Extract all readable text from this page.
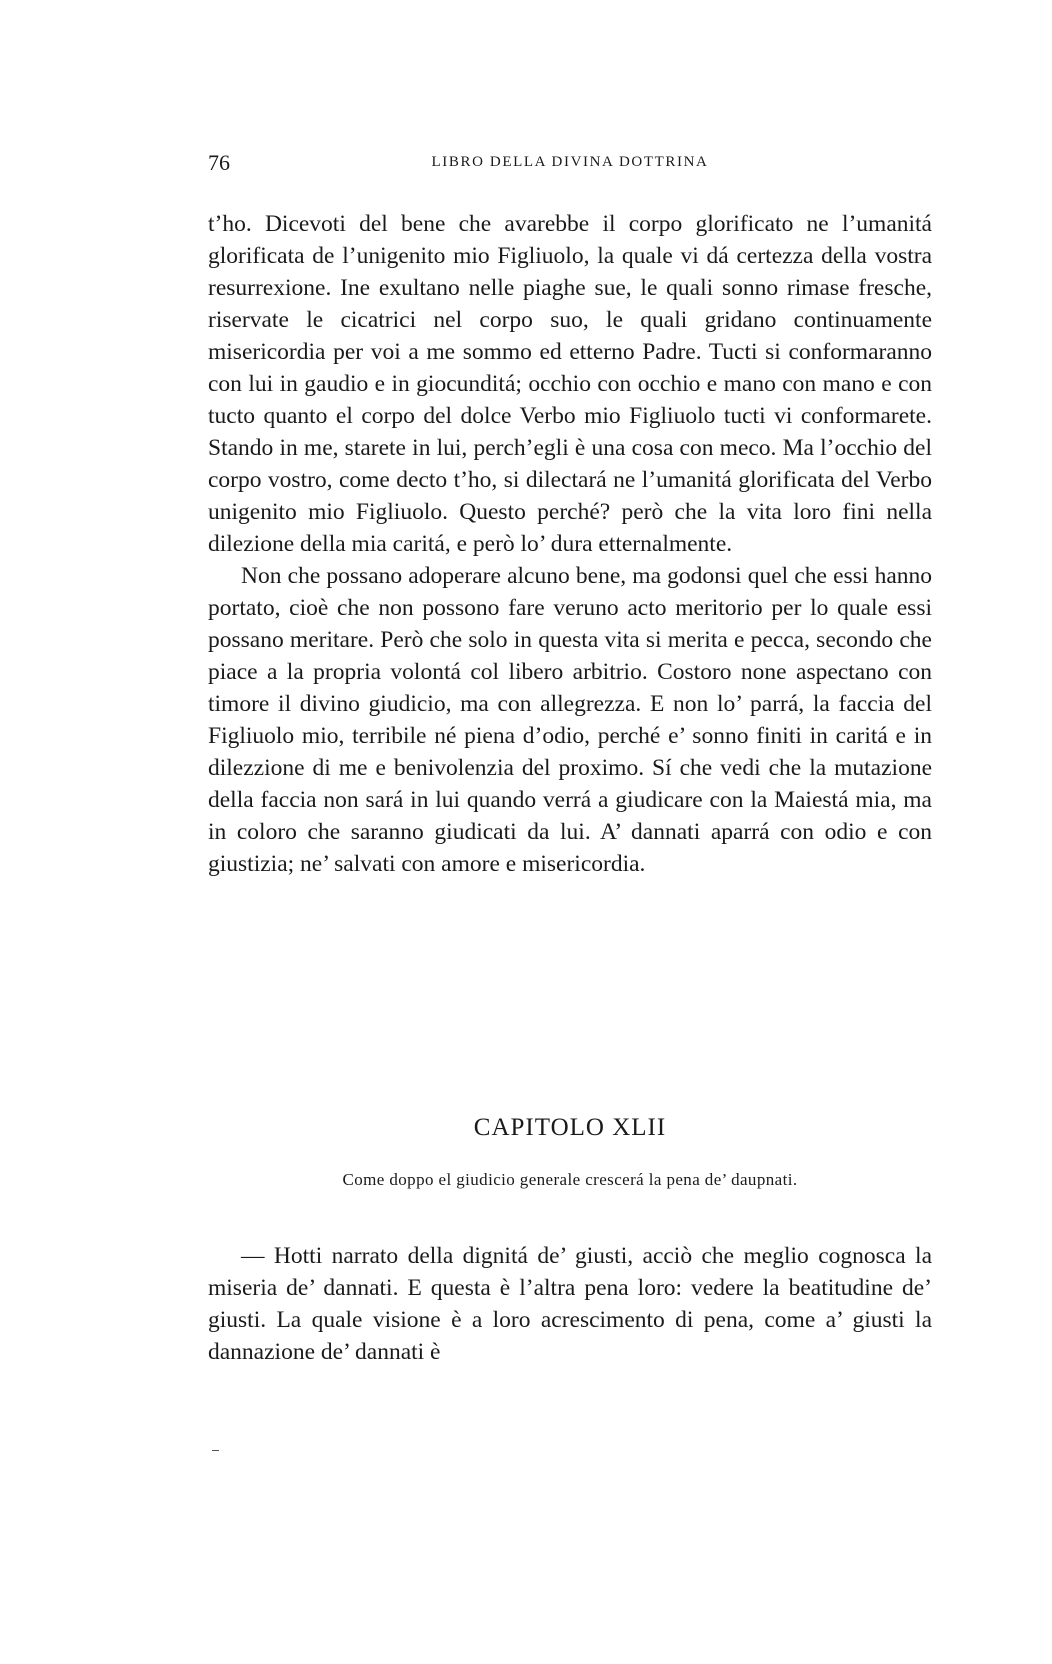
76	LIBRO DELLA DIVINA DOTTRINA

t’ho. Dicevoti del bene che avarebbe il corpo glorificato ne l’umanitá glorificata de l’unigenito mio Figliuolo, la quale vi dá certezza della vostra resurrexione. Ine exultano nelle piaghe sue, le quali sonno rimase fresche, riservate le cicatrici nel corpo suo, le quali gridano continuamente misericordia per voi a me sommo ed etterno Padre. Tucti si conformaranno con lui in gaudio e in giocunditá; occhio con occhio e mano con mano e con tucto quanto el corpo del dolce Verbo mio Figliuolo tucti vi conformarete. Stando in me, starete in lui, perch’egli è una cosa con meco. Ma l’occhio del corpo vostro, come decto t’ho, si dilectará ne l’umanitá glorificata del Verbo unigenito mio Figliuolo. Questo perché? però che la vita loro fini nella dilezione della mia caritá, e però lo’ dura etternalmente.

Non che possano adoperare alcuno bene, ma godonsi quel che essi hanno portato, cioè che non possono fare veruno acto meritorio per lo quale essi possano meritare. Però che solo in questa vita si merita e pecca, secondo che piace a la propria volontá col libero arbitrio. Costoro none aspectano con timore il divino giudicio, ma con allegrezza. E non lo’ parrá, la faccia del Figliuolo mio, terribile né piena d’odio, perché e’ sonno finiti in caritá e in dilezzione di me e benivolenzia del proximo. Sí che vedi che la mutazione della faccia non sará in lui quando verrá a giudicare con la Maiestá mia, ma in coloro che saranno giudicati da lui. A’ dannati aparrá con odio e con giustizia; ne’ salvati con amore e misericordia.

CAPITOLO XLII
Come doppo el giudicio generale crescerá la pena de’ daupnati.

— Hotti narrato della dignitá de’ giusti, acciò che meglio cognosca la miseria de’ dannati. E questa è l’altra pena loro: vedere la beatitudine de’ giusti. La quale visione è a loro acrescimento di pena, come a’ giusti la dannazione de’ dannati è
